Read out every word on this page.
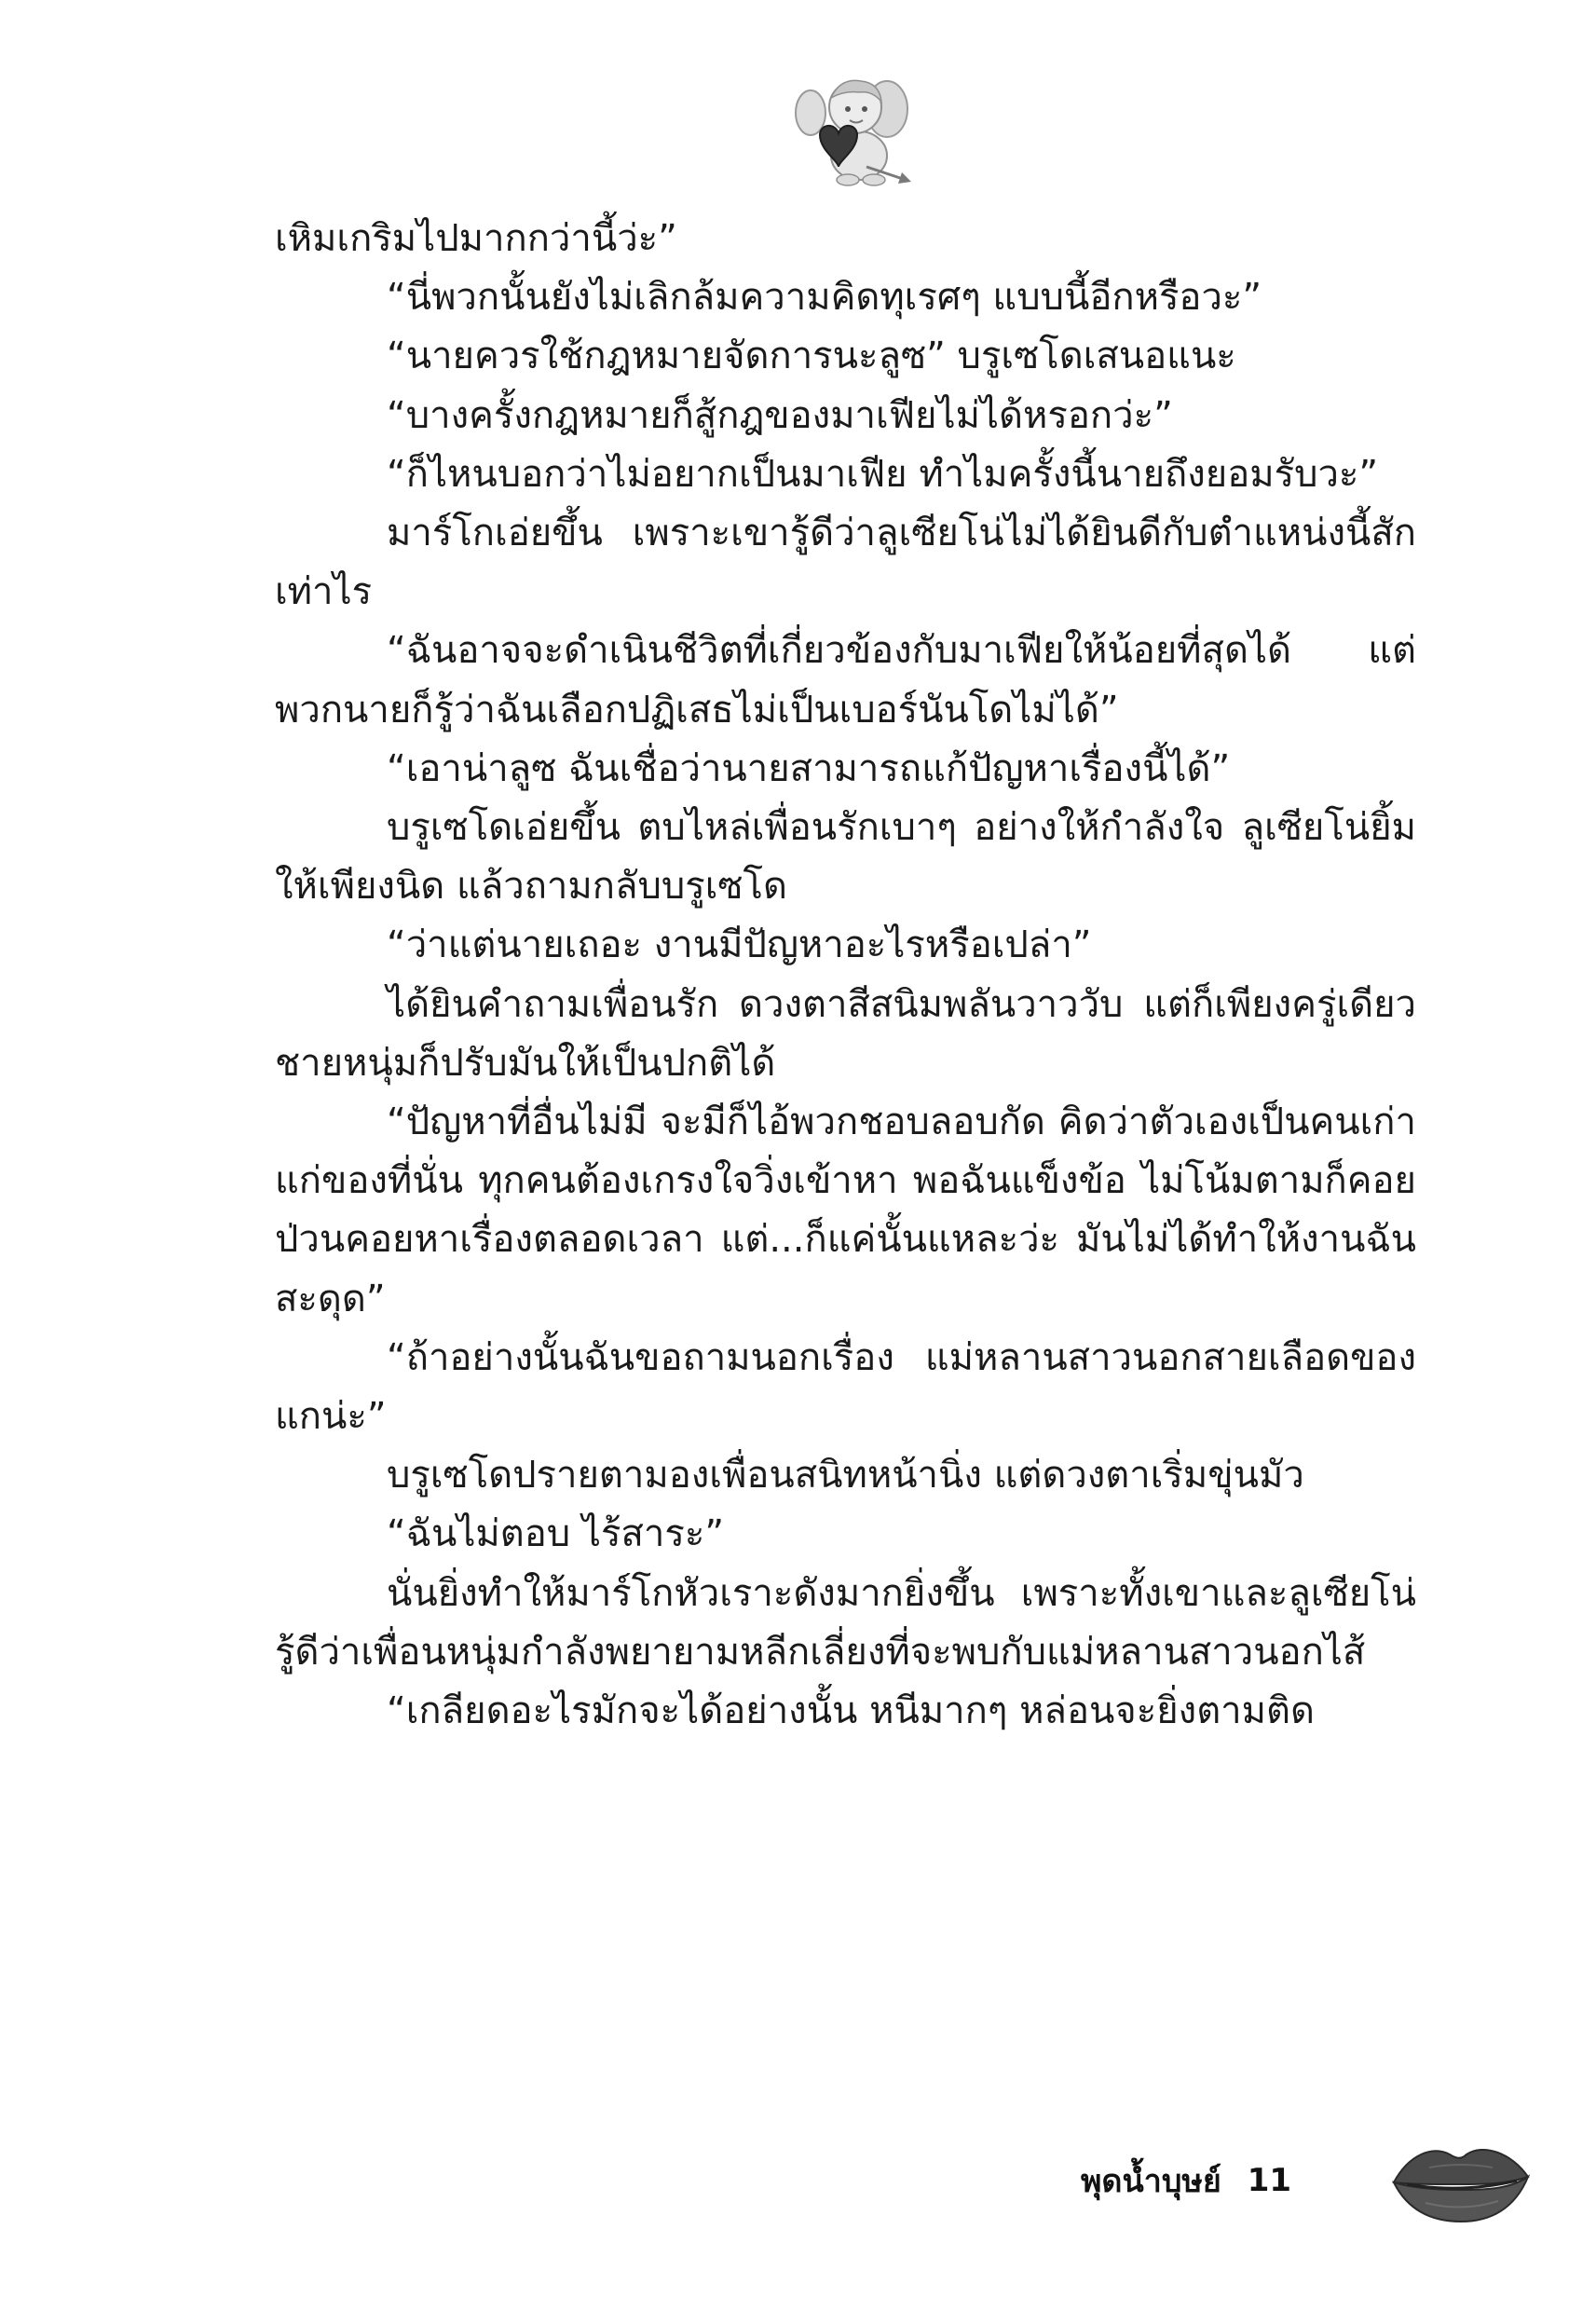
เหิมเกริมไปมากกว่านี้ว่ะ”

“นี่พวกนั้นยังไม่เลิกล้มความคิดทุเรศๆ แบบนี้อีกหรือวะ”

“นายควรใช้กฎหมายจัดการนะลูซ” บรูเซโดเสนอแนะ

“บางครั้งกฎหมายก็สู้กฎของมาเฟียไม่ได้หรอกว่ะ”

“ก็ไหนบอกว่าไม่อยากเป็นมาเฟีย ทำไมครั้งนี้นายถึงยอมรับวะ”

มาร์โกเอ่ยขึ้น เพราะเขารู้ดีว่าลูเซียโน่ไม่ได้ยินดีกับตำแหน่งนี้สักเท่าไร

“ฉันอาจจะดำเนินชีวิตที่เกี่ยวข้องกับมาเฟียให้น้อยที่สุดได้ แต่พวกนายก็รู้ว่าฉันเลือกปฏิเสธไม่เป็นเบอร์นันโดไม่ได้”

“เอาน่าลูซ ฉันเชื่อว่านายสามารถแก้ปัญหาเรื่องนี้ได้”

บรูเซโดเอ่ยขึ้น ตบไหล่เพื่อนรักเบาๆ อย่างให้กำลังใจ ลูเซียโน่ยิ้มให้เพียงนิด แล้วถามกลับบรูเซโด

“ว่าแต่นายเถอะ งานมีปัญหาอะไรหรือเปล่า”

ได้ยินคำถามเพื่อนรัก ดวงตาสีสนิมพลันวาววับ แต่ก็เพียงครู่เดียว ชายหนุ่มก็ปรับมันให้เป็นปกติได้

“ปัญหาที่อื่นไม่มี จะมีก็ไอ้พวกชอบลอบกัด คิดว่าตัวเองเป็นคนเก่าแก่ของที่นั่น ทุกคนต้องเกรงใจวิ่งเข้าหา พอฉันแข็งข้อ ไม่โน้มตามก็คอยป่วนคอยหาเรื่องตลอดเวลา แต่...ก็แค่นั้นแหละว่ะ มันไม่ได้ทำให้งานฉันสะดุด”

“ถ้าอย่างนั้นฉันขอถามนอกเรื่อง แม่หลานสาวนอกสายเลือดของแกน่ะ”

บรูเซโดปรายตามองเพื่อนสนิทหน้านิ่ง แต่ดวงตาเริ่มขุ่นมัว

“ฉันไม่ตอบ ไร้สาระ”

นั่นยิ่งทำให้มาร์โกหัวเราะดังมากยิ่งขึ้น เพราะทั้งเขาและลูเซียโน่รู้ดีว่าเพื่อนหนุ่มกำลังพยายามหลีกเลี่ยงที่จะพบกับแม่หลานสาวนอกไส้

“เกลียดอะไรมักจะได้อย่างนั้น หนีมากๆ หล่อนจะยิ่งตามติด

พุดน้ำบุษย์ 11
